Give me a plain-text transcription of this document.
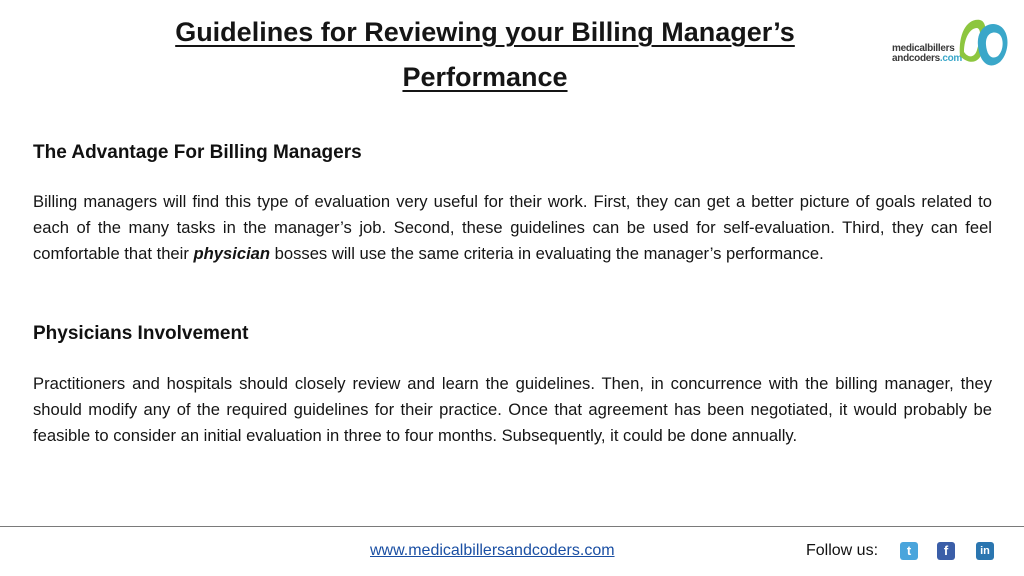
Guidelines for Reviewing your Billing Manager’s Performance
medicalbillers
andcoders.com
The Advantage For Billing Managers

Billing managers will find this type of evaluation very useful for their work. First, they can get a better picture of goals related to each of the many tasks in the manager’s job. Second, these guidelines can be used for self-evaluation. Third, they can feel comfortable that their physician bosses will use the same criteria in evaluating the manager’s performance.

Physicians Involvement

Practitioners and hospitals should closely review and learn the guidelines. Then, in concurrence with the billing manager, they should modify any of the required guidelines for their practice. Once that agreement has been negotiated, it would probably be feasible to consider an initial evaluation in three to four months. Subsequently, it could be done annually.

www.medicalbillersandcoders.com	Follow us:	t	f	in
